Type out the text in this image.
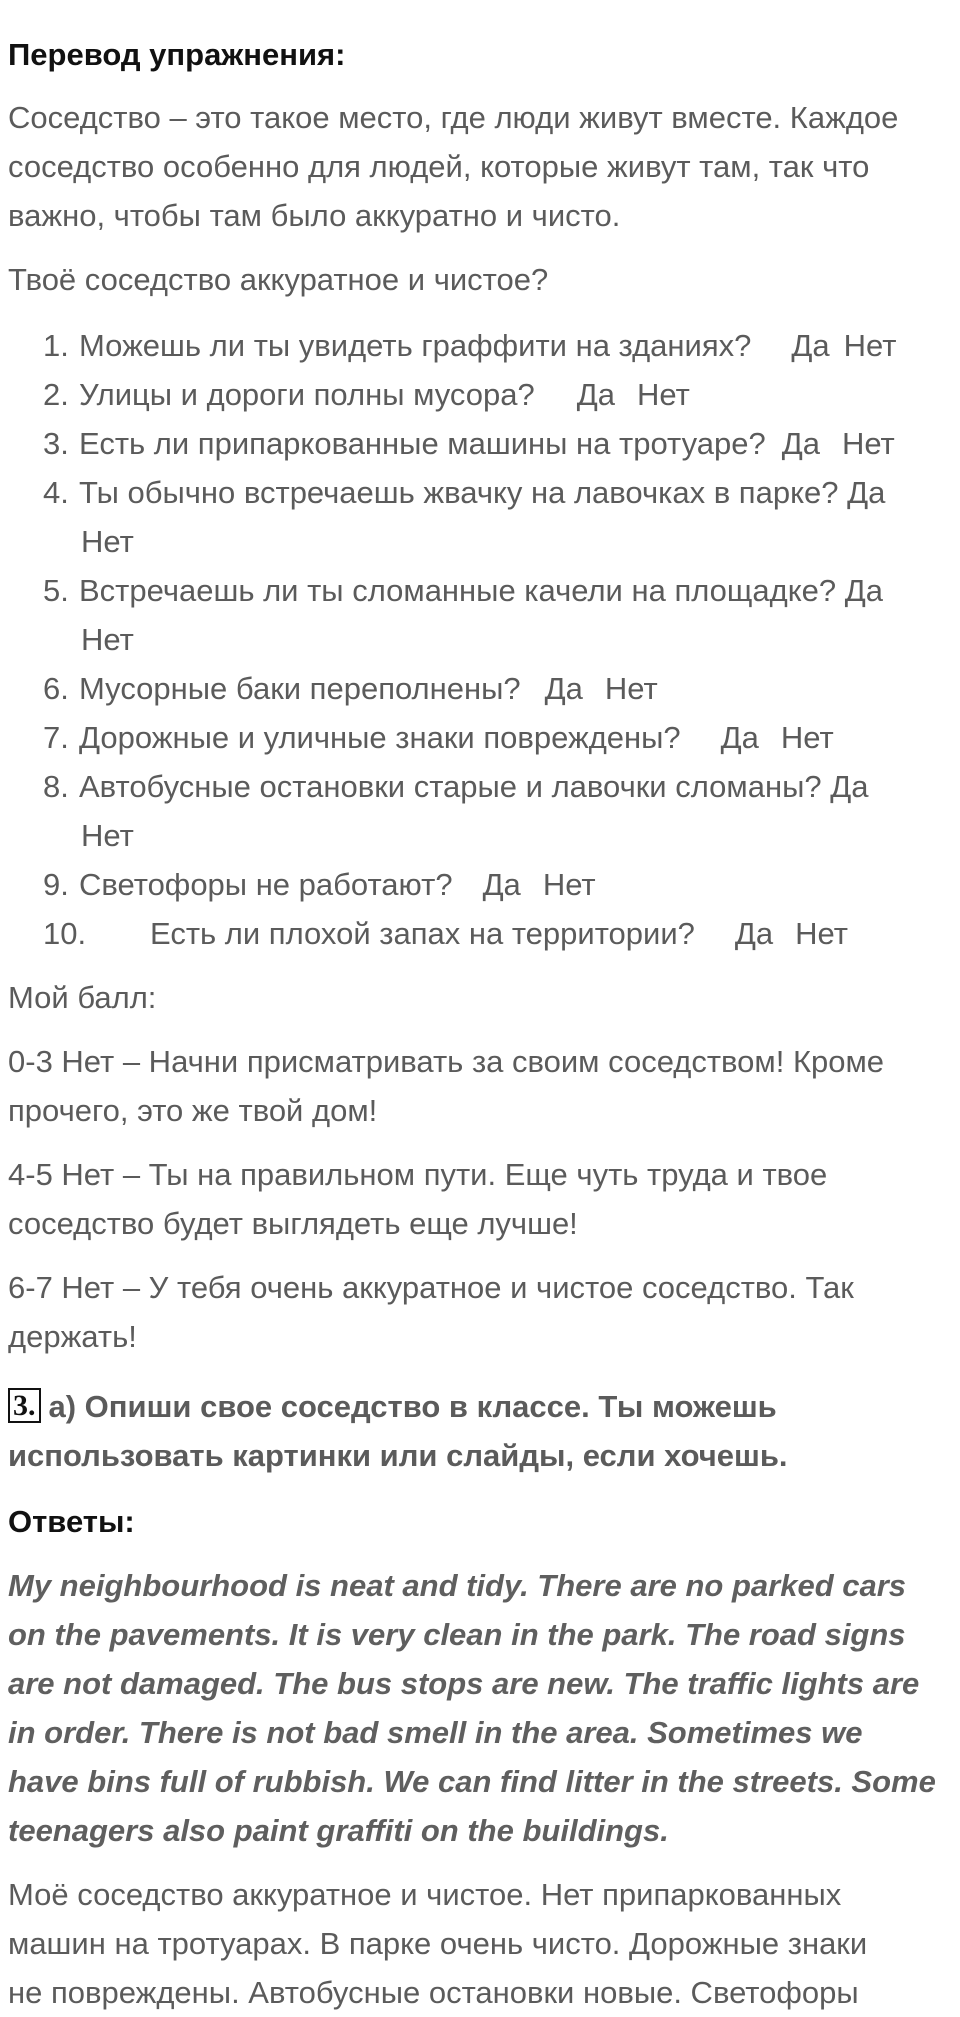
Перевод упражнения:

Соседство – это такое место, где люди живут вместе. Каждое

соседство особенно для людей, которые живут там, так что

важно, чтобы там было аккуратно и чисто.

Твоё соседство аккуратное и чистое?

1. Можешь ли ты увидеть граффити на зданиях? Да Нет
2. Улицы и дороги полны мусора? Да Нет
3. Есть ли припаркованные машины на тротуаре? Да Нет
4. Ты обычно встречаешь жвачку на лавочках в парке? Да
Нет
5. Встречаешь ли ты сломанные качели на площадке? Да
Нет
6. Мусорные баки переполнены? Да Нет
7. Дорожные и уличные знаки повреждены? Да Нет
8. Автобусные остановки старые и лавочки сломаны? Да
Нет
9. Светофоры не работают? Да Нет
10. Есть ли плохой запах на территории? Да Нет

Мой балл:

0-3 Нет – Начни присматривать за своим соседством! Кроме

прочего, это же твой дом!

4-5 Нет – Ты на правильном пути. Еще чуть труда и твое

соседство будет выглядеть еще лучше!

6-7 Нет – У тебя очень аккуратное и чистое соседство. Так

держать!

3. a) Опиши свое соседство в классе. Ты можешь

использовать картинки или слайды, если хочешь.

Ответы:

My neighbourhood is neat and tidy. There are no parked cars

on the pavements. It is very clean in the park. The road signs

are not damaged. The bus stops are new. The traffic lights are

in order. There is not bad smell in the area. Sometimes we

have bins full of rubbish. We can find litter in the streets. Some

teenagers also paint graffiti on the buildings.

Моё соседство аккуратное и чистое. Нет припаркованных

машин на тротуарах. В парке очень чисто. Дорожные знаки

не повреждены. Автобусные остановки новые. Светофоры
